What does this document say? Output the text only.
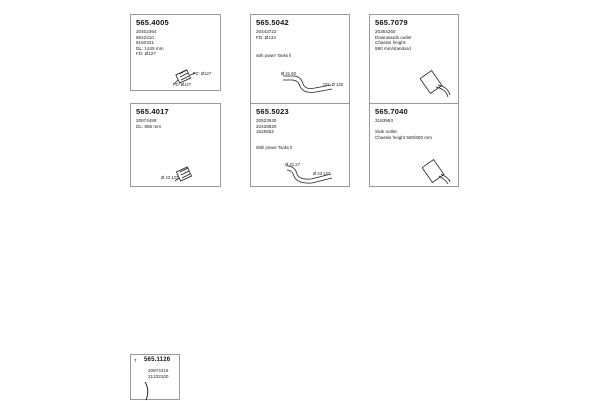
565.4005
20402364
8642410
8150331
DL: 1445 mm
FD: Ø127
FD: Ø127
FD: Ø127
565.5042
20443722
FD: Ø134
with power Tanks ll
Ø 41 60
GD: Ø 128
565.7079
20364260
Downwards outlet
Chassis height:
590 mm/standard
565.4017
20874489
DL: 985 mm
Ø 43 127
565.5023
20523530
20428820
1625552
With power Tanks ll
Ø 41 27
Ø 43 127
565.7040
3183953

Side outlet
Chassis height 580/600 mm
7 565.1126
20874418
21232100
